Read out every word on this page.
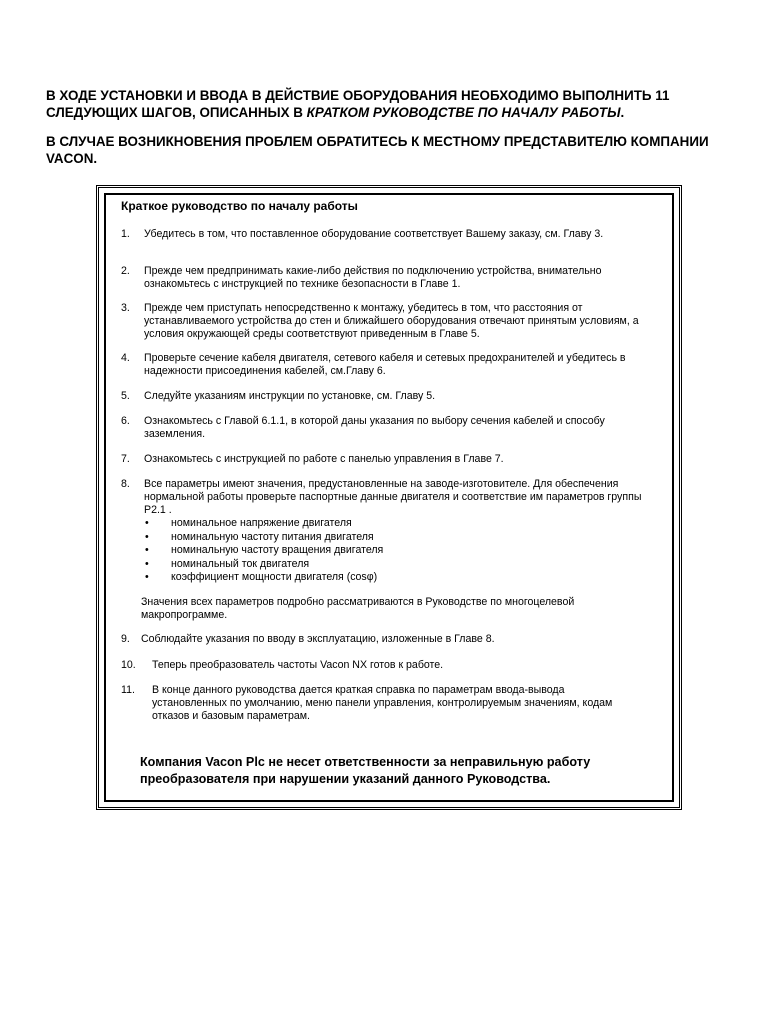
В ХОДЕ УСТАНОВКИ И ВВОДА В ДЕЙСТВИЕ ОБОРУДОВАНИЯ НЕОБХОДИМО ВЫПОЛНИТЬ 11 СЛЕДУЮЩИХ ШАГОВ, ОПИСАННЫХ В КРАТКОМ РУКОВОДСТВЕ ПО НАЧАЛУ РАБОТЫ.

В СЛУЧАЕ ВОЗНИКНОВЕНИЯ ПРОБЛЕМ ОБРАТИТЕСЬ К МЕСТНОМУ ПРЕДСТАВИТЕЛЮ КОМПАНИИ VACON.

Краткое руководство по началу работы

1. Убедитесь в том, что поставленное оборудование соответствует Вашему заказу, см. Главу 3.
2. Прежде чем предпринимать какие-либо действия по подключению устройства, внимательно ознакомьтесь с инструкцией по технике безопасности в Главе 1.
3. Прежде чем приступать непосредственно к монтажу, убедитесь в том, что расстояния от устанавливаемого устройства до стен и ближайшего оборудования отвечают принятым условиям, а условия окружающей среды соответствуют приведенным в Главе 5.
4. Проверьте сечение кабеля двигателя, сетевого кабеля и сетевых предохранителей и убедитесь в надежности присоединения кабелей, см.Главу 6.
5. Следуйте указаниям инструкции по установке, см. Главу 5.
6. Ознакомьтесь с Главой 6.1.1, в которой даны указания по выбору сечения кабелей и способу заземления.
7. Ознакомьтесь с инструкцией по работе с панелью управления в Главе 7.
8. Все параметры имеют значения, предустановленные на заводе-изготовителе. Для обеспечения нормальной работы проверьте паспортные данные двигателя и соответствие им параметров группы P2.1 .
• номинальное напряжение двигателя
• номинальную частоту питания двигателя
• номинальную частоту вращения двигателя
• номинальный ток двигателя
• коэффициент мощности двигателя (cosφ)
Значения всех параметров подробно рассматриваются в Руководстве по многоцелевой макропрограмме.
9. Соблюдайте указания по вводу в эксплуатацию, изложенные в Главе 8.
10. Теперь преобразователь частоты Vacon NX готов к работе.
11. В конце данного руководства дается краткая справка по параметрам ввода-вывода установленных по умолчанию, меню панели управления, контролируемым значениям, кодам отказов и базовым параметрам.

Компания Vacon Plc не несет ответственности за неправильную работу преобразователя при нарушении указаний данного Руководства.
